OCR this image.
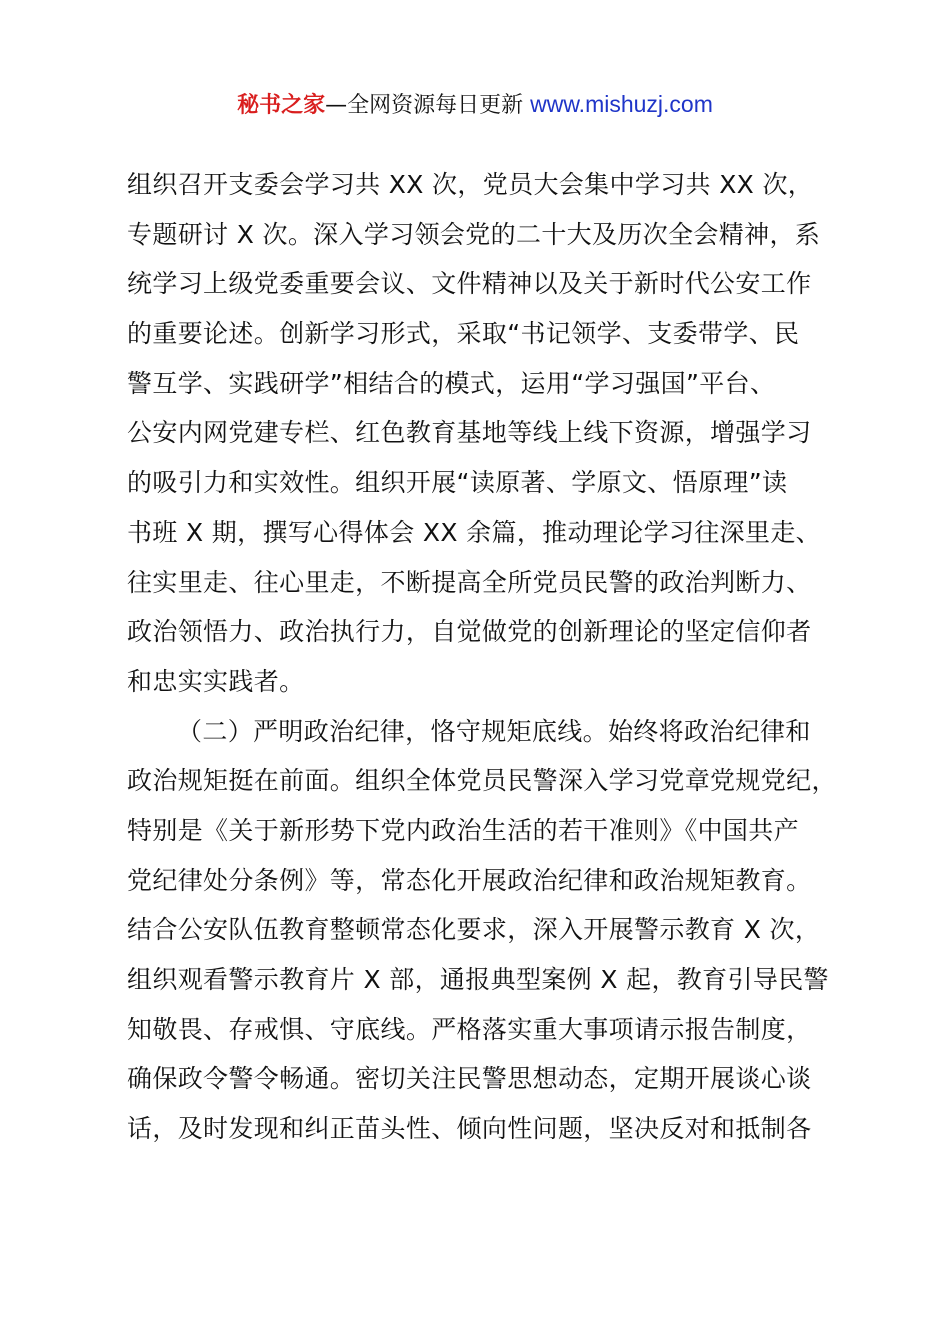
秘书之家—全网资源每日更新 www.mishuzj.com
组织召开支委会学习共 XX 次，党员大会集中学习共 XX 次，
专题研讨 X 次。深入学习领会党的二十大及历次全会精神，系
统学习上级党委重要会议、文件精神以及关于新时代公安工作
的重要论述。创新学习形式，采取“书记领学、支委带学、民
警互学、实践研学”相结合的模式，运用“学习强国”平台、
公安内网党建专栏、红色教育基地等线上线下资源，增强学习
的吸引力和实效性。组织开展“读原著、学原文、悟原理”读
书班 X 期，撰写心得体会 XX 余篇，推动理论学习往深里走、
往实里走、往心里走，不断提高全所党员民警的政治判断力、
政治领悟力、政治执行力，自觉做党的创新理论的坚定信仰者
和忠实实践者。
（二）严明政治纪律，恪守规矩底线。始终将政治纪律和
政治规矩挺在前面。组织全体党员民警深入学习党章党规党纪，
特别是《关于新形势下党内政治生活的若干准则》《中国共产
党纪律处分条例》等，常态化开展政治纪律和政治规矩教育。
结合公安队伍教育整顿常态化要求，深入开展警示教育 X 次，
组织观看警示教育片 X 部，通报典型案例 X 起，教育引导民警
知敬畏、存戒惧、守底线。严格落实重大事项请示报告制度，
确保政令警令畅通。密切关注民警思想动态，定期开展谈心谈
话，及时发现和纠正苗头性、倾向性问题，坚决反对和抵制各
